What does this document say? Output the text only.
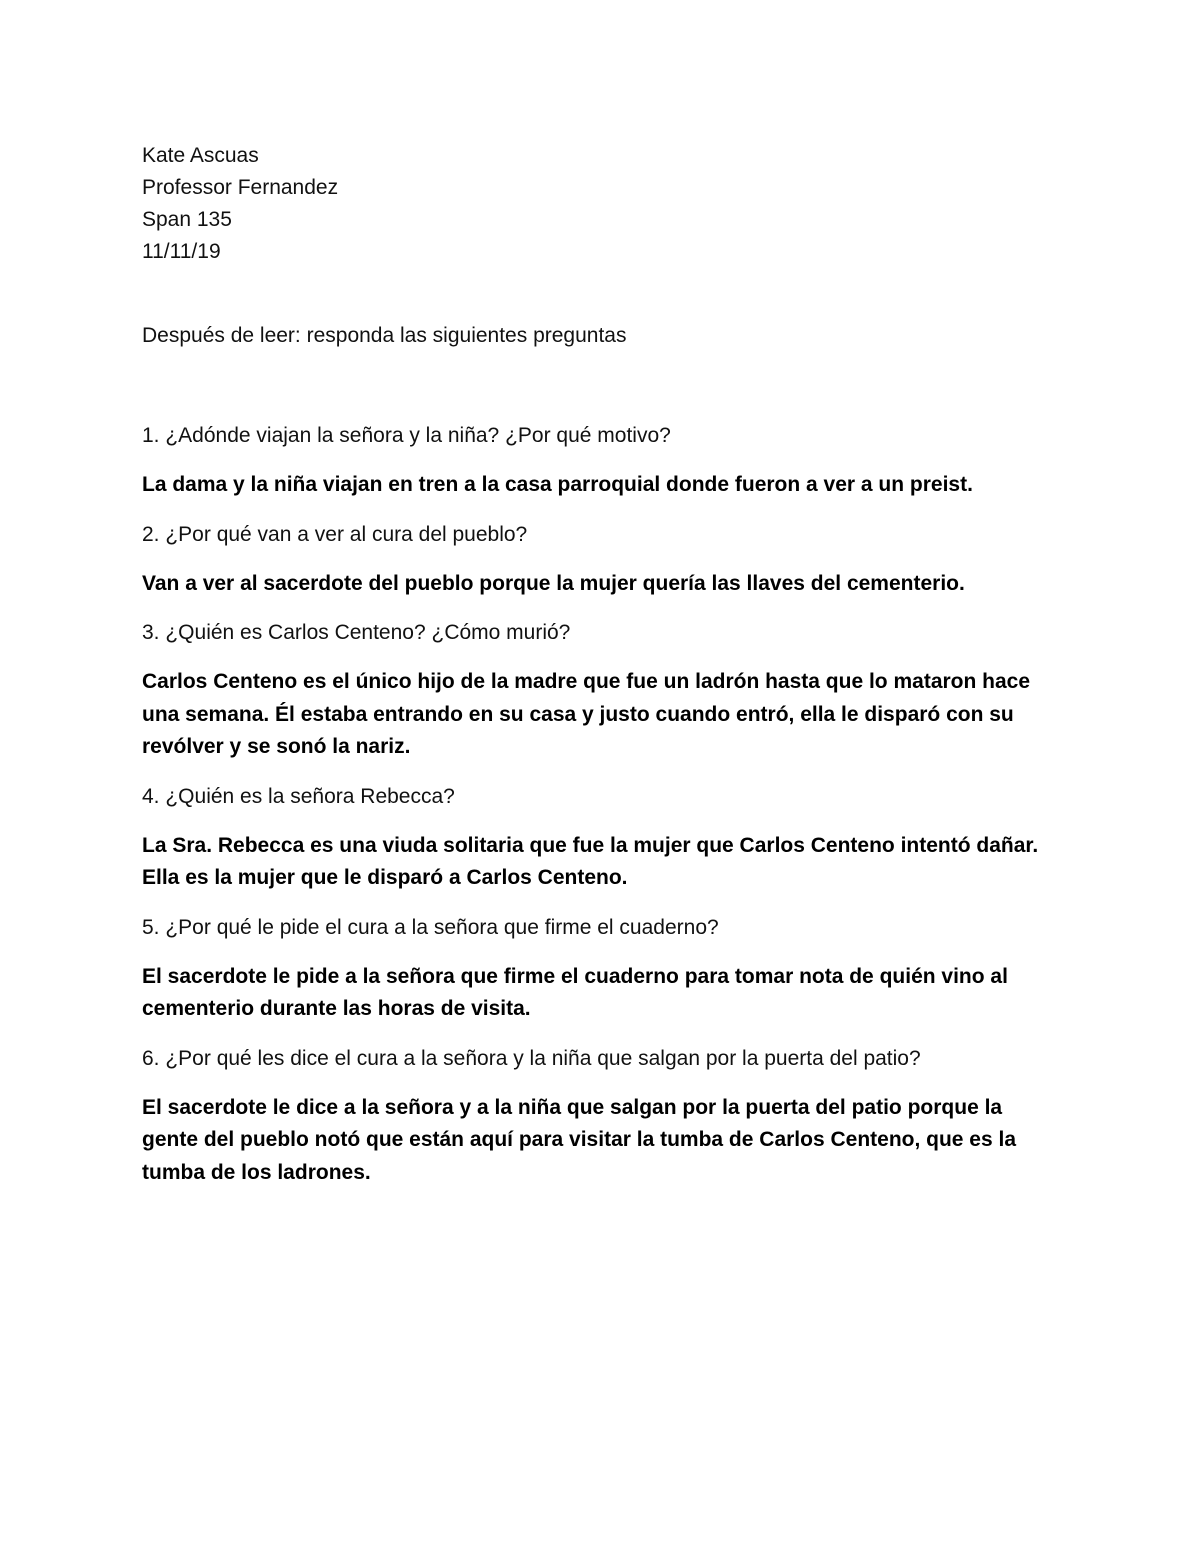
Kate Ascuas

Professor Fernandez

Span 135

11/11/19

Después de leer: responda las siguientes preguntas

1. ¿Adónde viajan la señora y la niña? ¿Por qué motivo?

La dama y la niña viajan en tren a la casa parroquial donde fueron a ver a un preist.

2. ¿Por qué van a ver al cura del pueblo?

Van a ver al sacerdote del pueblo porque la mujer quería las llaves del cementerio.

3. ¿Quién es Carlos Centeno? ¿Cómo murió?

Carlos Centeno es el único hijo de la madre que fue un ladrón hasta que lo mataron hace una semana. Él estaba entrando en su casa y justo cuando entró, ella le disparó con su revólver y se sonó la nariz.

4. ¿Quién es la señora Rebecca?

La Sra. Rebecca es una viuda solitaria que fue la mujer que Carlos Centeno intentó dañar. Ella es la mujer que le disparó a Carlos Centeno.

5. ¿Por qué le pide el cura a la señora que firme el cuaderno?

El sacerdote le pide a la señora que firme el cuaderno para tomar nota de quién vino al cementerio durante las horas de visita.

6. ¿Por qué les dice el cura a la señora y la niña que salgan por la puerta del patio?

El sacerdote le dice a la señora y a la niña que salgan por la puerta del patio porque la gente del pueblo notó que están aquí para visitar la tumba de Carlos Centeno, que es la tumba de los ladrones.
